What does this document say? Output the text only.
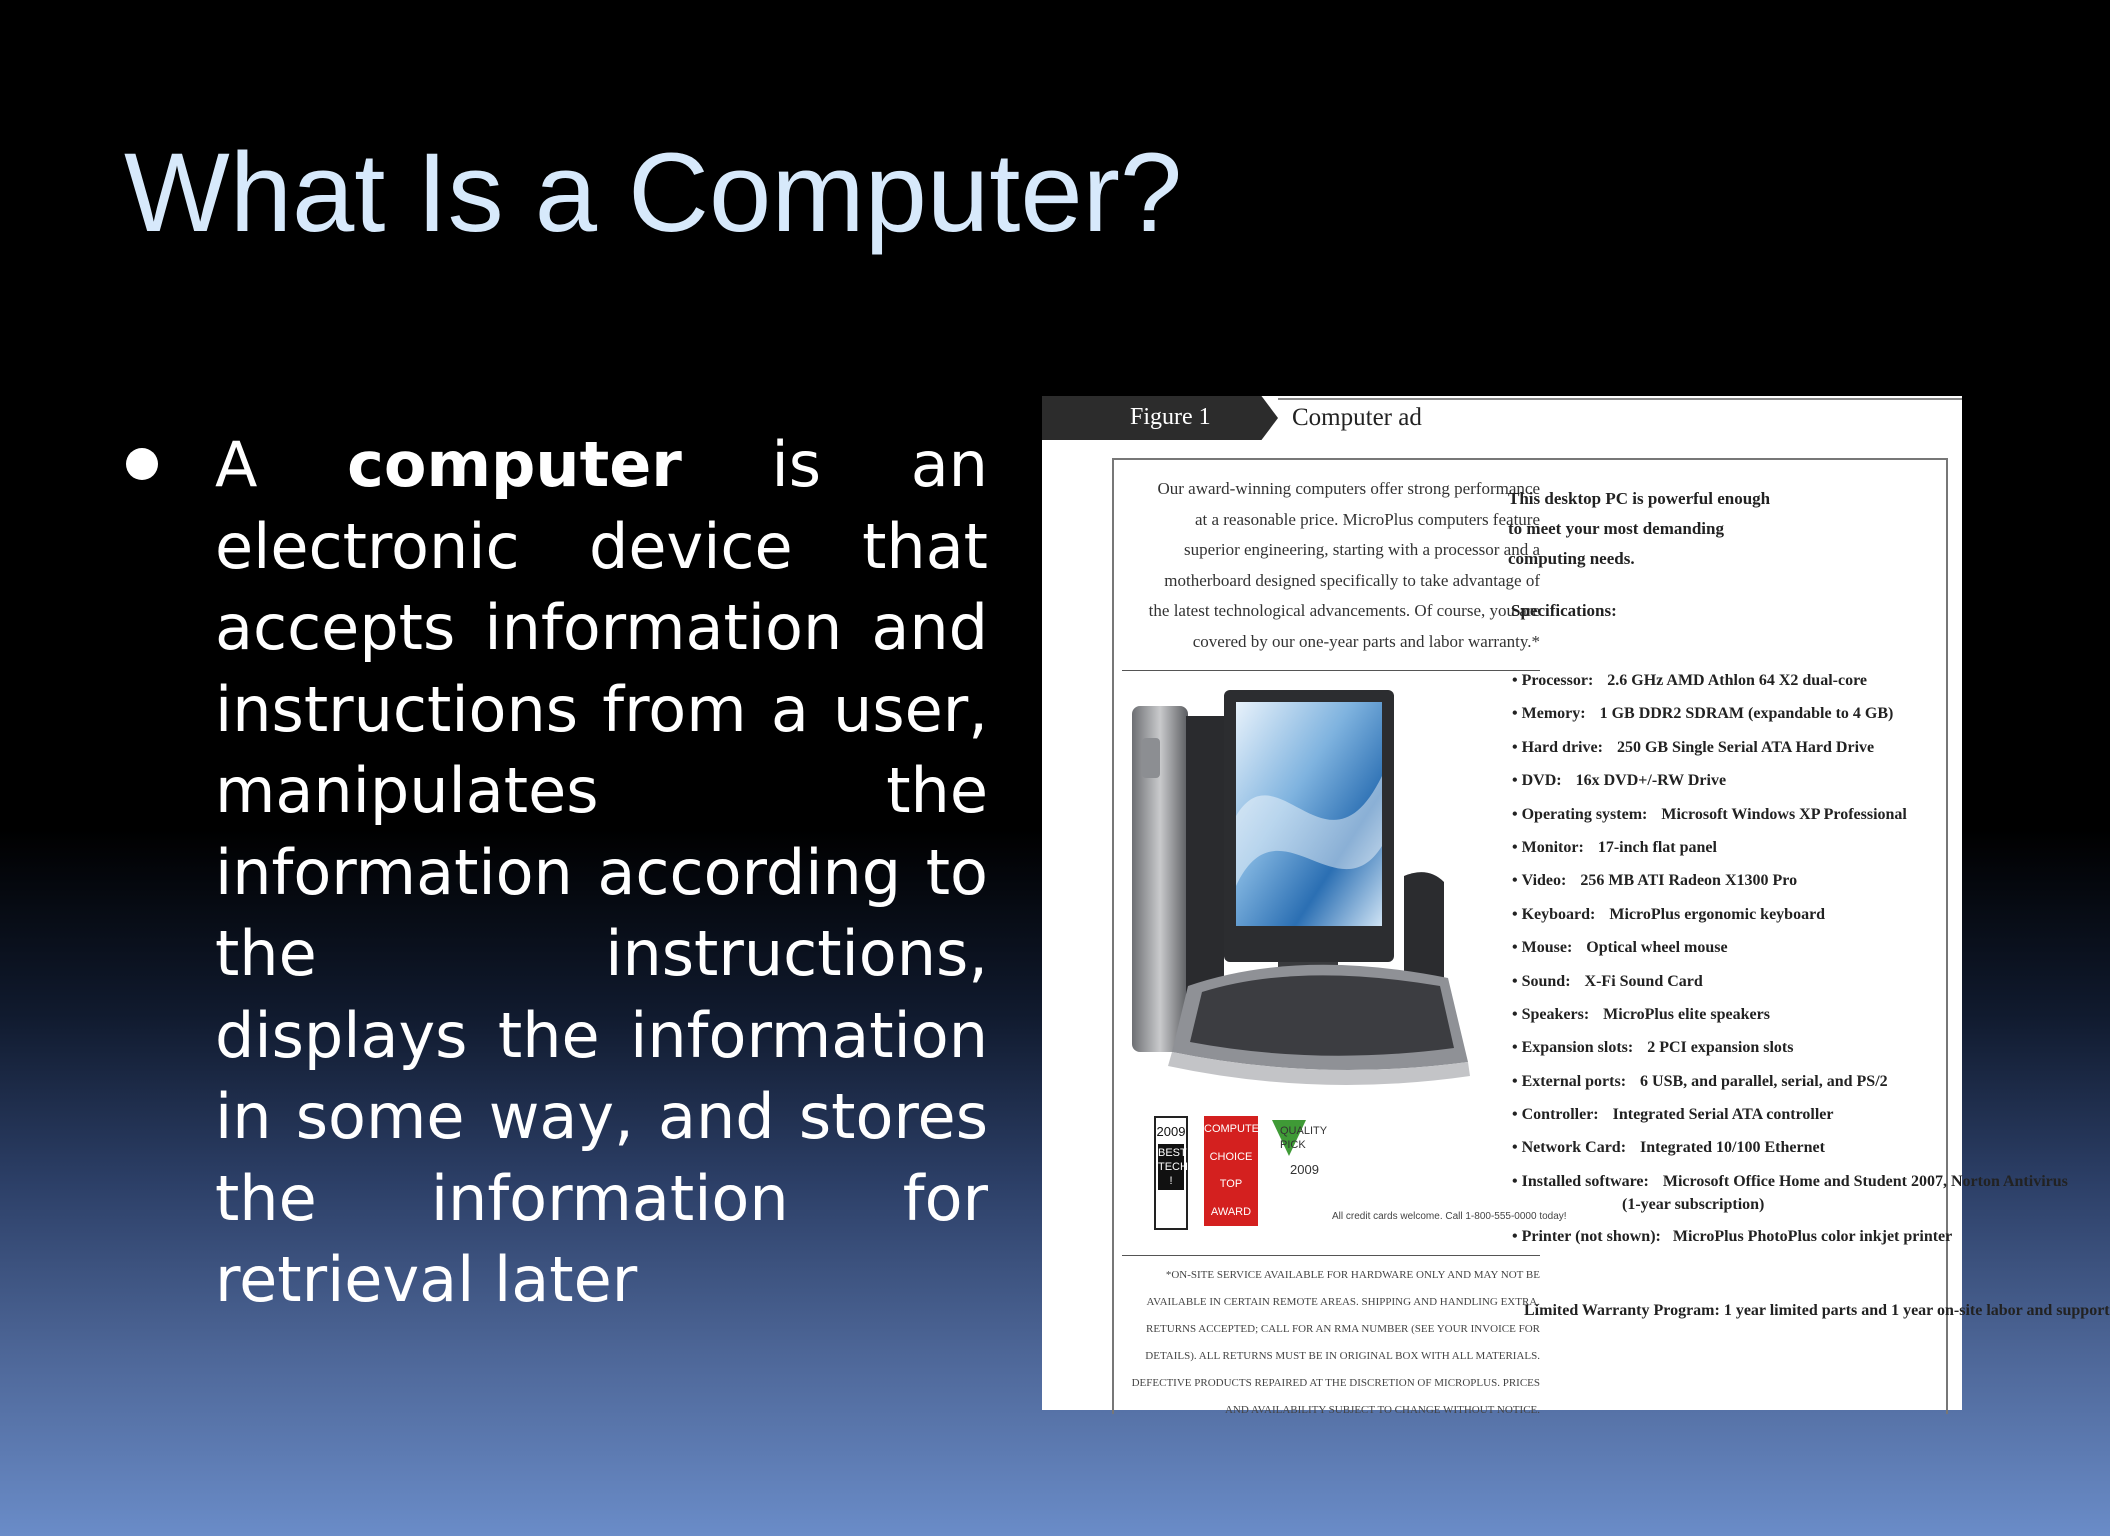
What Is a Computer?

A computer is an electronic device that accepts information and instructions from a user, manipulates the information according to the instructions, displays the information in some way, and stores the information for retrieval later

Figure 1	Computer ad

Our award-winning computers offer strong performance at a reasonable price. MicroPlus computers feature superior engineering, starting with a processor and a motherboard designed specifically to take advantage of the latest technological advancements. Of course, you are covered by our one-year parts and labor warranty.*

This desktop PC is powerful enough to meet your most demanding computing needs.

Specifications:
• Processor: 2.6 GHz AMD Athlon 64 X2 dual-core
• Memory: 1 GB DDR2 SDRAM (expandable to 4 GB)
• Hard drive: 250 GB Single Serial ATA Hard Drive
• DVD: 16x DVD+/-RW Drive
• Operating system: Microsoft Windows XP Professional
• Monitor: 17-inch flat panel
• Video: 256 MB ATI Radeon X1300 Pro
• Keyboard: MicroPlus ergonomic keyboard
• Mouse: Optical wheel mouse
• Sound: X-Fi Sound Card
• Speakers: MicroPlus elite speakers
• Expansion slots: 2 PCI expansion slots
• External ports: 6 USB, and parallel, serial, and PS/2
• Controller: Integrated Serial ATA controller
• Network Card: Integrated 10/100 Ethernet
• Installed software: Microsoft Office Home and Student 2007, Norton Antivirus
(1-year subscription)
• Printer (not shown): MicroPlus PhotoPlus color inkjet printer
Limited Warranty Program: 1 year limited parts and 1 year on-site labor and support
2009
BEST
TECH
!
COMPUTER
CHOICE
TOP
AWARD
QUALITY
PICK
2009
All credit cards welcome. Call 1-800-555-0000 today!

*ON-SITE SERVICE AVAILABLE FOR HARDWARE ONLY AND MAY NOT BE AVAILABLE IN CERTAIN REMOTE AREAS. SHIPPING AND HANDLING EXTRA. RETURNS ACCEPTED; CALL FOR AN RMA NUMBER (SEE YOUR INVOICE FOR DETAILS). ALL RETURNS MUST BE IN ORIGINAL BOX WITH ALL MATERIALS. DEFECTIVE PRODUCTS REPAIRED AT THE DISCRETION OF MICROPLUS. PRICES AND AVAILABILITY SUBJECT TO CHANGE WITHOUT NOTICE.
